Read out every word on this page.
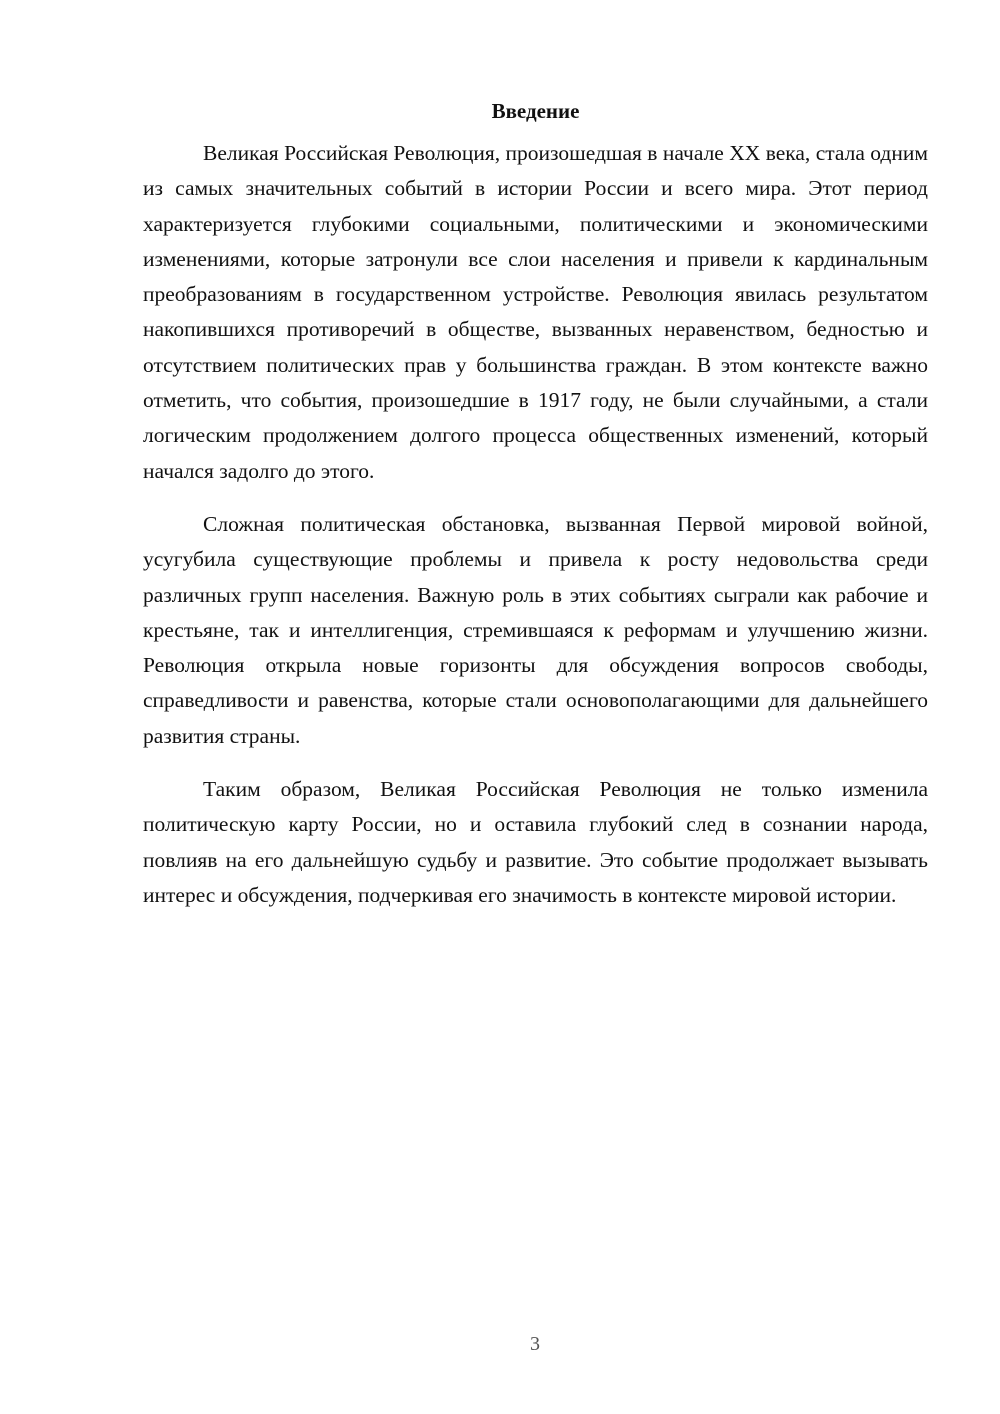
Введение

Великая Российская Революция, произошедшая в начале XX века, стала одним из самых значительных событий в истории России и всего мира. Этот период характеризуется глубокими социальными, политическими и экономическими изменениями, которые затронули все слои населения и привели к кардинальным преобразованиям в государственном устройстве. Революция явилась результатом накопившихся противоречий в обществе, вызванных неравенством, бедностью и отсутствием политических прав у большинства граждан. В этом контексте важно отметить, что события, произошедшие в 1917 году, не были случайными, а стали логическим продолжением долгого процесса общественных изменений, который начался задолго до этого.

Сложная политическая обстановка, вызванная Первой мировой войной, усугубила существующие проблемы и привела к росту недовольства среди различных групп населения. Важную роль в этих событиях сыграли как рабочие и крестьяне, так и интеллигенция, стремившаяся к реформам и улучшению жизни. Революция открыла новые горизонты для обсуждения вопросов свободы, справедливости и равенства, которые стали основополагающими для дальнейшего развития страны.

Таким образом, Великая Российская Революция не только изменила политическую карту России, но и оставила глубокий след в сознании народа, повлияв на его дальнейшую судьбу и развитие. Это событие продолжает вызывать интерес и обсуждения, подчеркивая его значимость в контексте мировой истории.

3
